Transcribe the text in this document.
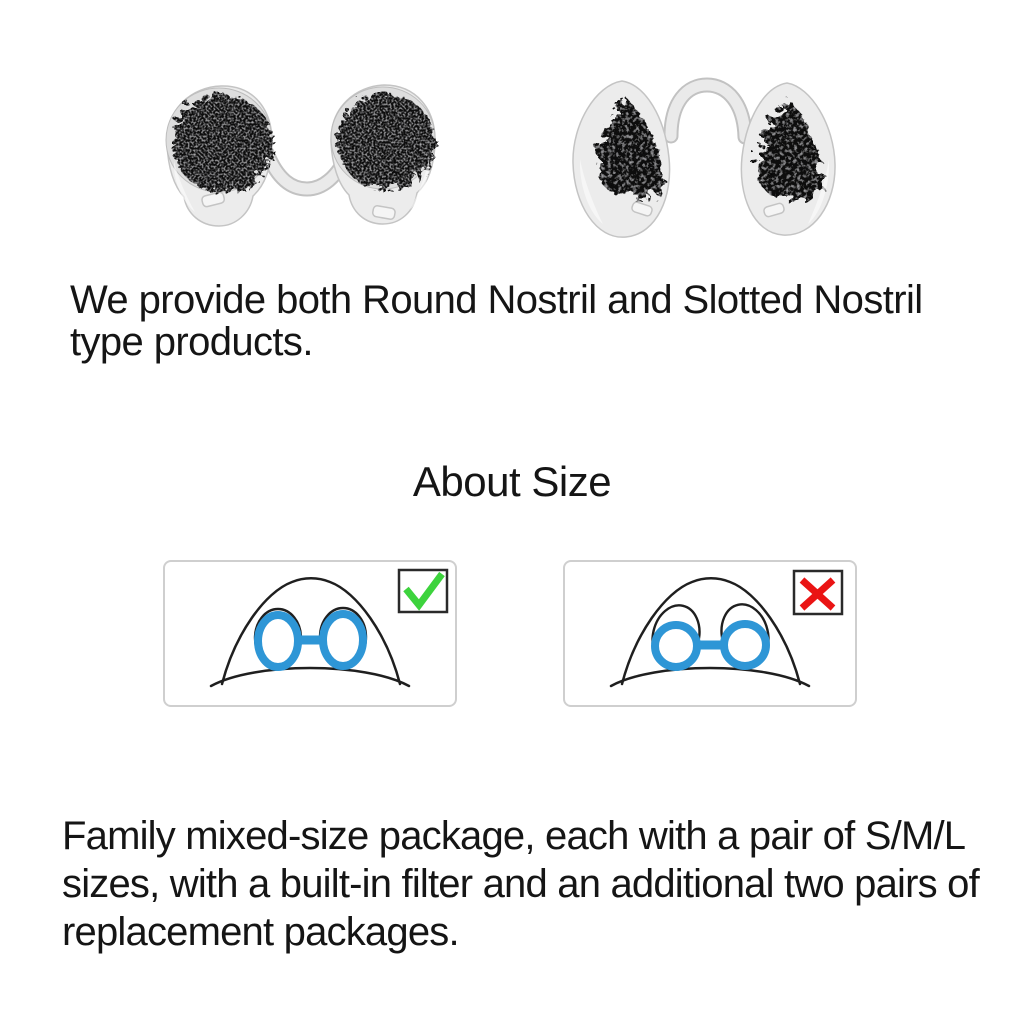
We provide both Round Nostril and Slotted Nostril
type products.

About Size

Family mixed-size package, each with a pair of S/M/L
sizes, with a built-in filter and an additional two pairs of
replacement packages.
